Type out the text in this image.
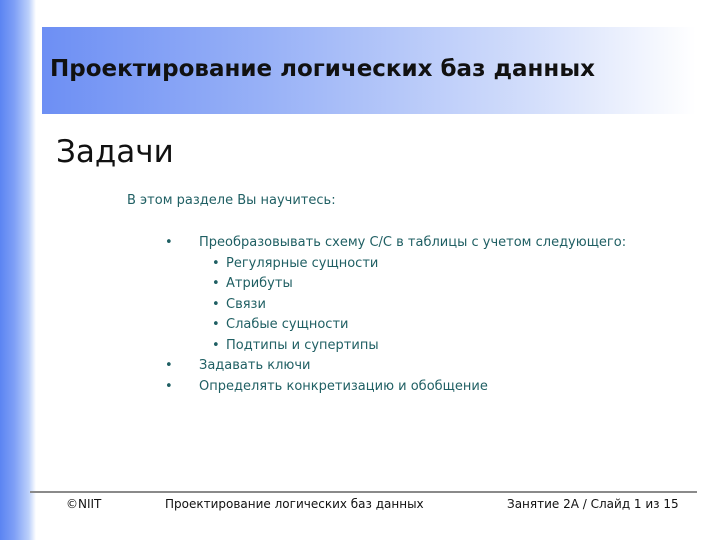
Проектирование логических баз данных
Задачи
В этом разделе Вы научитесь:
• Преобразовывать схему С/С в таблицы с учетом следующего:
• Регулярные сущности
• Атрибуты
• Связи
• Слабые сущности
• Подтипы и супертипы
• Задавать ключи
• Определять конкретизацию и обобщение
©NIIT	Проектирование логических баз данных	Занятие 2А / Слайд 1 из 15
